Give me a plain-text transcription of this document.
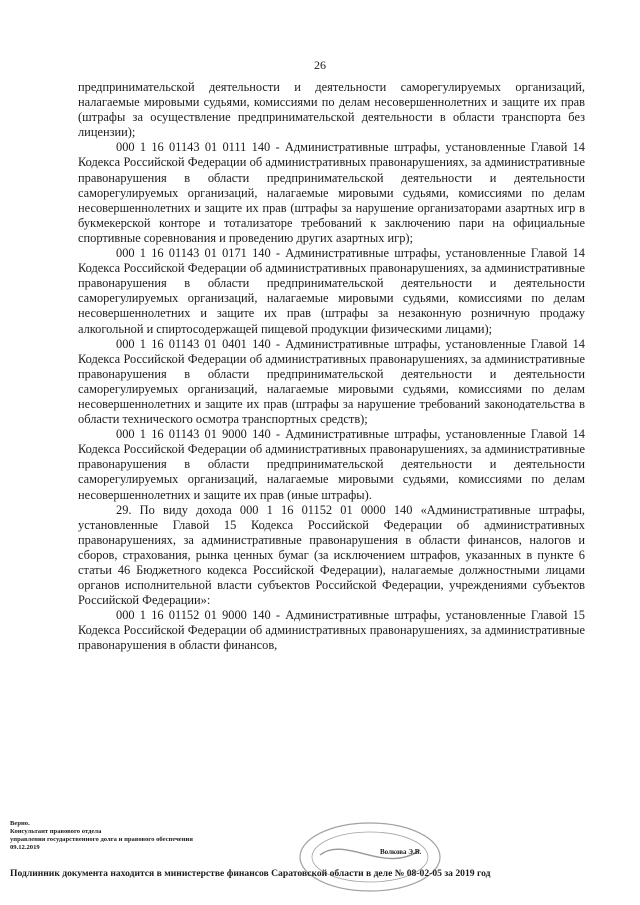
26

предпринимательской деятельности и деятельности саморегулируемых организаций, налагаемые мировыми судьями, комиссиями по делам несовершеннолетних и защите их прав (штрафы за осуществление предпринимательской деятельности в области транспорта без лицензии);

000 1 16 01143 01 0111 140 - Административные штрафы, установленные Главой 14 Кодекса Российской Федерации об административных правонарушениях, за административные правонарушения в области предпринимательской деятельности и деятельности саморегулируемых организаций, налагаемые мировыми судьями, комиссиями по делам несовершеннолетних и защите их прав (штрафы за нарушение организаторами азартных игр в букмекерской конторе и тотализаторе требований к заключению пари на официальные спортивные соревнования и проведению других азартных игр);

000 1 16 01143 01 0171 140 - Административные штрафы, установленные Главой 14 Кодекса Российской Федерации об административных правонарушениях, за административные правонарушения в области предпринимательской деятельности и деятельности саморегулируемых организаций, налагаемые мировыми судьями, комиссиями по делам несовершеннолетних и защите их прав (штрафы за незаконную розничную продажу алкогольной и спиртосодержащей пищевой продукции физическими лицами);

000 1 16 01143 01 0401 140 - Административные штрафы, установленные Главой 14 Кодекса Российской Федерации об административных правонарушениях, за административные правонарушения в области предпринимательской деятельности и деятельности саморегулируемых организаций, налагаемые мировыми судьями, комиссиями по делам несовершеннолетних и защите их прав (штрафы за нарушение требований законодательства в области технического осмотра транспортных средств);

000 1 16 01143 01 9000 140 - Административные штрафы, установленные Главой 14 Кодекса Российской Федерации об административных правонарушениях, за административные правонарушения в области предпринимательской деятельности и деятельности саморегулируемых организаций, налагаемые мировыми судьями, комиссиями по делам несовершеннолетних и защите их прав (иные штрафы).

29. По виду дохода 000 1 16 01152 01 0000 140 «Административные штрафы, установленные Главой 15 Кодекса Российской Федерации об административных правонарушениях, за административные правонарушения в области финансов, налогов и сборов, страхования, рынка ценных бумаг (за исключением штрафов, указанных в пункте 6 статьи 46 Бюджетного кодекса Российской Федерации), налагаемые должностными лицами органов исполнительной власти субъектов Российской Федерации, учреждениями субъектов Российской Федерации»:

000 1 16 01152 01 9000 140 - Административные штрафы, установленные Главой 15 Кодекса Российской Федерации об административных правонарушениях, за административные правонарушения в области финансов,

Верно.
Консультант правового отдела
управления государственного долга и правового обеспечения
09.12.2019
Волкова Э.В.
Подлинник документа находится в министерстве финансов Саратовской области в деле № 08-02-05 за 2019 год
